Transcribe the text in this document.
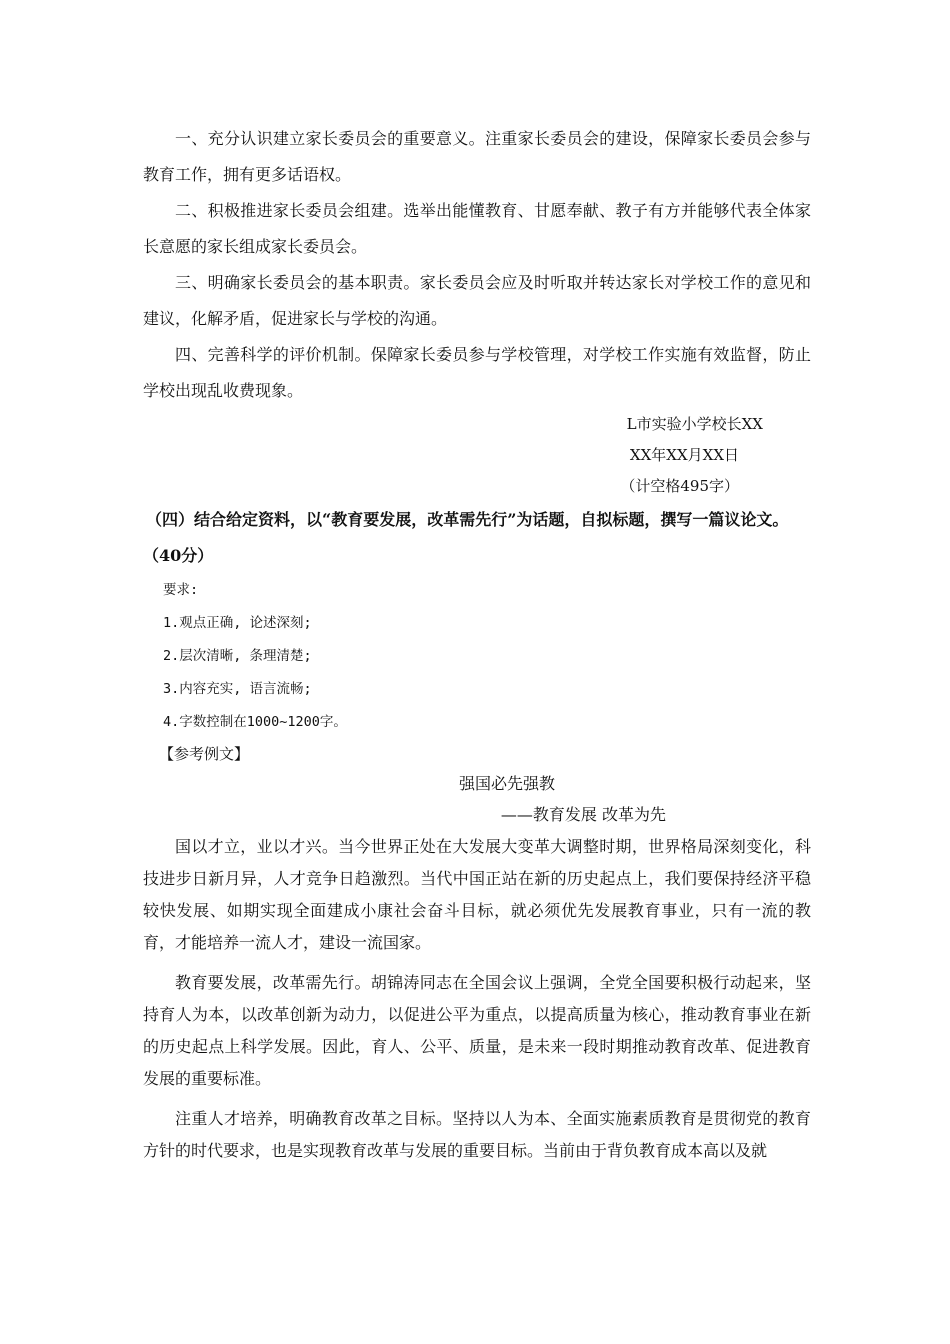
一、充分认识建立家长委员会的重要意义。注重家长委员会的建设，保障家长委员会参与教育工作，拥有更多话语权。

二、积极推进家长委员会组建。选举出能懂教育、甘愿奉献、教子有方并能够代表全体家长意愿的家长组成家长委员会。

三、明确家长委员会的基本职责。家长委员会应及时听取并转达家长对学校工作的意见和建议，化解矛盾，促进家长与学校的沟通。

四、完善科学的评价机制。保障家长委员参与学校管理，对学校工作实施有效监督，防止学校出现乱收费现象。

L市实验小学校长XX

XX年XX月XX日

（计空格495字）

（四）结合给定资料，以“教育要发展，改革需先行”为话题，自拟标题，撰写一篇议论文。（40分）

要求:

1.观点正确, 论述深刻;

2.层次清晰, 条理清楚;

3.内容充实, 语言流畅;

4.字数控制在1000~1200字。

【参考例文】

强国必先强教

——教育发展 改革为先

国以才立，业以才兴。当今世界正处在大发展大变革大调整时期，世界格局深刻变化，科技进步日新月异，人才竞争日趋激烈。当代中国正站在新的历史起点上，我们要保持经济平稳较快发展、如期实现全面建成小康社会奋斗目标，就必须优先发展教育事业，只有一流的教育，才能培养一流人才，建设一流国家。

教育要发展，改革需先行。胡锦涛同志在全国会议上强调，全党全国要积极行动起来，坚持育人为本，以改革创新为动力，以促进公平为重点，以提高质量为核心，推动教育事业在新的历史起点上科学发展。因此，育人、公平、质量，是未来一段时期推动教育改革、促进教育发展的重要标准。

注重人才培养，明确教育改革之目标。坚持以人为本、全面实施素质教育是贯彻党的教育方针的时代要求，也是实现教育改革与发展的重要目标。当前由于背负教育成本高以及就
